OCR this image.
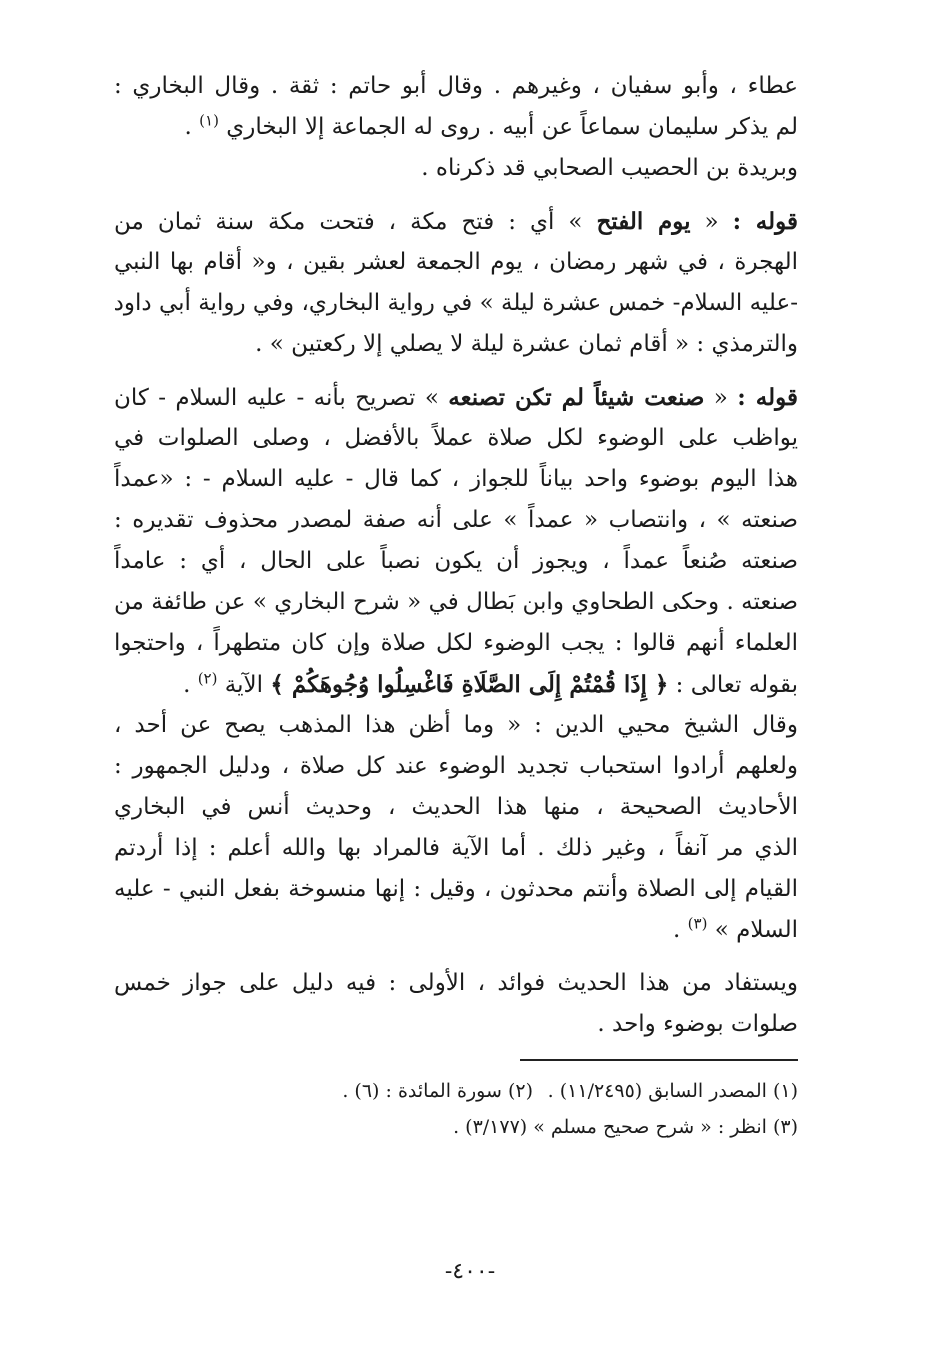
عطاء ، وأبو سفيان ، وغيرهم . وقال أبو حاتم : ثقة . وقال البخاري :
لم يذكر سليمان سماعاً عن أبيه . روى له الجماعة إلا البخاري $^{(١)}$ .
وبريدة بن الحصيب الصحابي قد ذكرناه .
قوله : « يوم الفتح » أي : فتح مكة ، فتحت مكة سنة ثمان من
الهجرة ، في شهر رمضان ، يوم الجمعة لعشر بقين ، و« أقام بها النبي
-عليه السلام- خمس عشرة ليلة » في رواية البخاري، وفي رواية أبي داود
والترمذي : « أقام ثمان عشرة ليلة لا يصلي إلا ركعتين » .
قوله : « صنعت شيئاً لم تكن تصنعه » تصريح بأنه - عليه السلام - كان
يواظب على الوضوء لكل صلاة عملاً بالأفضل ، وصلى الصلوات في
هذا اليوم بوضوء واحد بياناً للجواز ، كما قال - عليه السلام - : «عمداً
صنعته » ، وانتصاب « عمداً » على أنه صفة لمصدر محذوف تقديره :
صنعته صُنعاً عمداً ، ويجوز أن يكون نصباً على الحال ، أي : عامداً
صنعته . وحكى الطحاوي وابن بَطال في « شرح البخاري » عن طائفة من
العلماء أنهم قالوا : يجب الوضوء لكل صلاة وإن كان متطهراً ، واحتجوا
بقوله تعالى : ﴿ إِذَا قُمْتُمْ إِلَى الصَّلَاةِ فَاغْسِلُوا وُجُوهَكُمْ ﴾ الآية $^{(٢)}$ .
وقال الشيخ محيي الدين : « وما أظن هذا المذهب يصح عن أحد ،
ولعلهم أرادوا استحباب تجديد الوضوء عند كل صلاة ، ودليل الجمهور :
الأحاديث الصحيحة ، منها هذا الحديث ، وحديث أنس في البخاري
الذي مر آنفاً ، وغير ذلك . أما الآية فالمراد بها والله أعلم : إذا أردتم
القيام إلى الصلاة وأنتم محدثون ، وقيل : إنها منسوخة بفعل النبي - عليه
السلام » $^{(٣)}$ .
ويستفاد من هذا الحديث فوائد ، الأولى : فيه دليل على جواز خمس
صلوات بوضوء واحد .
(١) المصدر السابق (١١/٢٤٩٥) .(٢) سورة المائدة : (٦) .
(٣) انظر : « شرح صحيح مسلم » (٣/١٧٧) .
-٤٠٠-
